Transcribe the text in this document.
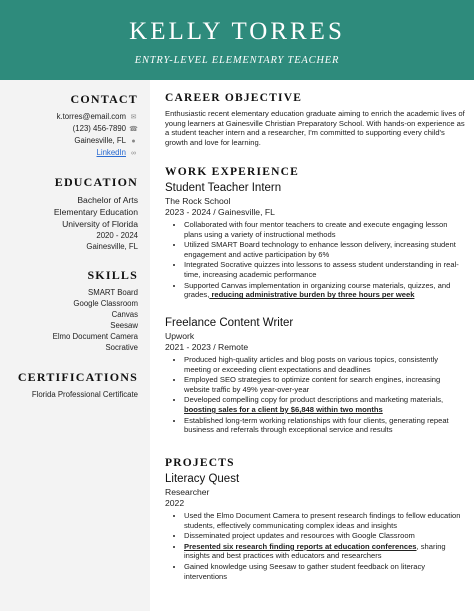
KELLY TORRES
ENTRY-LEVEL ELEMENTARY TEACHER
CONTACT
k.torres@email.com ✉
(123) 456-7890 ☎
Gainesville, FL ●
LinkedIn ∞
EDUCATION
Bachelor of Arts
Elementary Education
University of Florida
2020 - 2024
Gainesville, FL
SKILLS
SMART Board
Google Classroom
Canvas
Seesaw
Elmo Document Camera
Socrative
CERTIFICATIONS
Florida Professional Certificate
CAREER OBJECTIVE
Enthusiastic recent elementary education graduate aiming to enrich the academic lives of young learners at Gainesville Christian Preparatory School. With hands-on experience as a student teacher intern and a researcher, I'm committed to supporting every child's growth and love for learning.
WORK EXPERIENCE
Student Teacher Intern
The Rock School
2023 - 2024 / Gainesville, FL
• Collaborated with four mentor teachers to create and execute engaging lesson plans using a variety of instructional methods
• Utilized SMART Board technology to enhance lesson delivery, increasing student engagement and active participation by 6%
• Integrated Socrative quizzes into lessons to assess student understanding in real-time, increasing academic performance
• Supported Canvas implementation in organizing course materials, quizzes, and grades, reducing administrative burden by three hours per week
Freelance Content Writer
Upwork
2021 - 2023 / Remote
• Produced high-quality articles and blog posts on various topics, consistently meeting or exceeding client expectations and deadlines
• Employed SEO strategies to optimize content for search engines, increasing website traffic by 49% year-over-year
• Developed compelling copy for product descriptions and marketing materials, boosting sales for a client by $6,848 within two months
• Established long-term working relationships with four clients, generating repeat business and referrals through exceptional service and results
PROJECTS
Literacy Quest
Researcher
2022
• Used the Elmo Document Camera to present research findings to fellow education students, effectively communicating complex ideas and insights
• Disseminated project updates and resources with Google Classroom
• Presented six research finding reports at education conferences, sharing insights and best practices with educators and researchers
• Gained knowledge using Seesaw to gather student feedback on literacy interventions
